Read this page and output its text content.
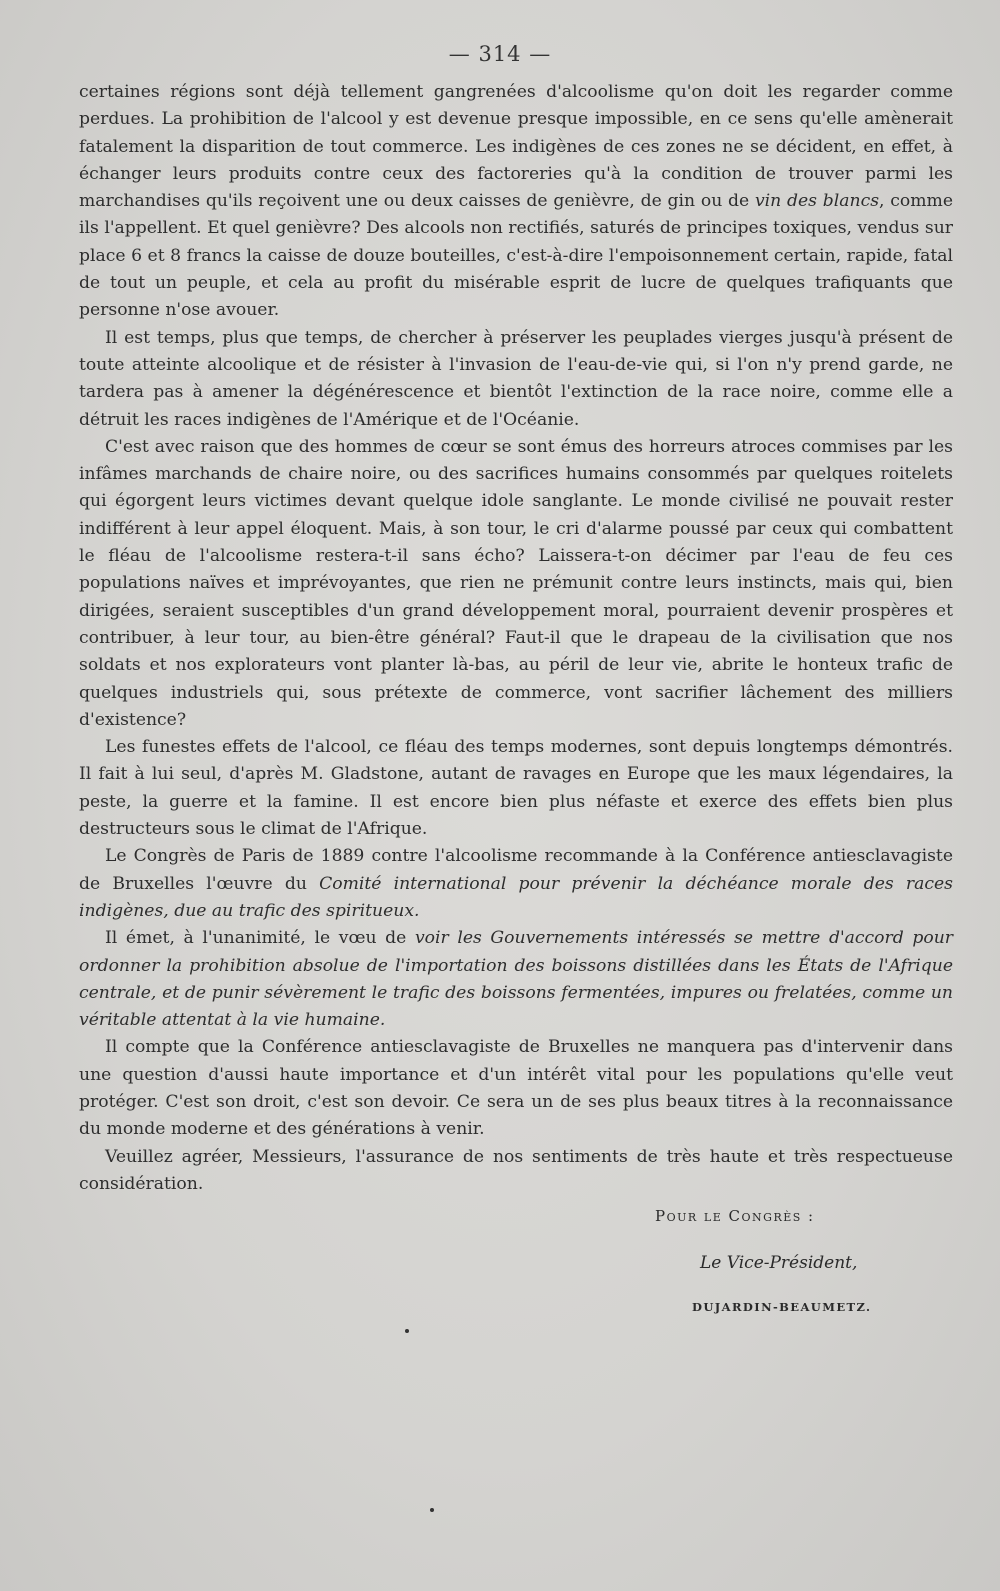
— 314 —

certaines régions sont déjà tellement gangrenées d'alcoolisme qu'on doit les regarder comme perdues. La prohibition de l'alcool y est devenue presque impossible, en ce sens qu'elle amènerait fatalement la disparition de tout commerce. Les indigènes de ces zones ne se décident, en effet, à échanger leurs produits contre ceux des factoreries qu'à la condition de trouver parmi les marchandises qu'ils reçoivent une ou deux caisses de genièvre, de gin ou de vin des blancs, comme ils l'appellent. Et quel genièvre? Des alcools non rectifiés, saturés de principes toxiques, vendus sur place 6 et 8 francs la caisse de douze bouteilles, c'est-à-dire l'empoisonnement certain, rapide, fatal de tout un peuple, et cela au profit du misérable esprit de lucre de quelques trafiquants que personne n'ose avouer.

Il est temps, plus que temps, de chercher à préserver les peuplades vierges jusqu'à présent de toute atteinte alcoolique et de résister à l'invasion de l'eau-de-vie qui, si l'on n'y prend garde, ne tardera pas à amener la dégénérescence et bientôt l'extinction de la race noire, comme elle a détruit les races indigènes de l'Amérique et de l'Océanie.

C'est avec raison que des hommes de cœur se sont émus des horreurs atroces commises par les infâmes marchands de chaire noire, ou des sacrifices humains consommés par quelques roitelets qui égorgent leurs victimes devant quelque idole sanglante. Le monde civilisé ne pouvait rester indifférent à leur appel éloquent. Mais, à son tour, le cri d'alarme poussé par ceux qui combattent le fléau de l'alcoolisme restera-t-il sans écho? Laissera-t-on décimer par l'eau de feu ces populations naïves et imprévoyantes, que rien ne prémunit contre leurs instincts, mais qui, bien dirigées, seraient susceptibles d'un grand développement moral, pourraient devenir prospères et contribuer, à leur tour, au bien-être général? Faut-il que le drapeau de la civilisation que nos soldats et nos explorateurs vont planter là-bas, au péril de leur vie, abrite le honteux trafic de quelques industriels qui, sous prétexte de commerce, vont sacrifier lâchement des milliers d'existence?

Les funestes effets de l'alcool, ce fléau des temps modernes, sont depuis longtemps démontrés. Il fait à lui seul, d'après M. Gladstone, autant de ravages en Europe que les maux légendaires, la peste, la guerre et la famine. Il est encore bien plus néfaste et exerce des effets bien plus destructeurs sous le climat de l'Afrique.

Le Congrès de Paris de 1889 contre l'alcoolisme recommande à la Conférence antiesclavagiste de Bruxelles l'œuvre du Comité international pour prévenir la déchéance morale des races indigènes, due au trafic des spiritueux.

Il émet, à l'unanimité, le vœu de voir les Gouvernements intéressés se mettre d'accord pour ordonner la prohibition absolue de l'importation des boissons distillées dans les États de l'Afrique centrale, et de punir sévèrement le trafic des boissons fermentées, impures ou frelatées, comme un véritable attentat à la vie humaine.

Il compte que la Conférence antiesclavagiste de Bruxelles ne manquera pas d'intervenir dans une question d'aussi haute importance et d'un intérêt vital pour les populations qu'elle veut protéger. C'est son droit, c'est son devoir. Ce sera un de ses plus beaux titres à la reconnaissance du monde moderne et des générations à venir.

Veuillez agréer, Messieurs, l'assurance de nos sentiments de très haute et très respectueuse considération.

Pour le Congrès :
Le Vice-Président,
DUJARDIN-BEAUMETZ.
